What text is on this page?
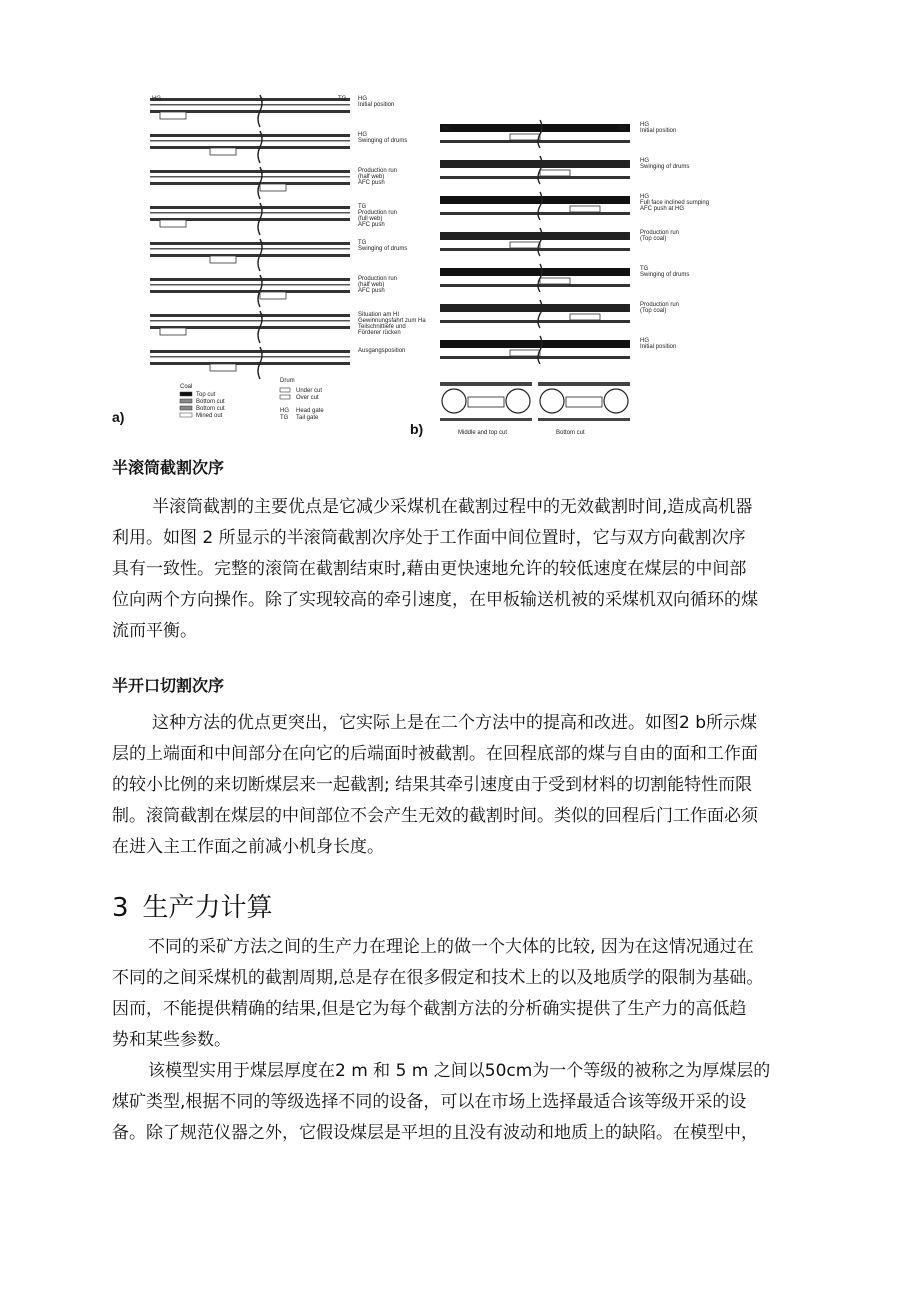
HG
Initial position
HG
Swinging of drums
Production run
(half web)
AFC push
TG
Production run
(full web)
AFC push
TG
Swinging of drums
Production run
(half web)
AFC push
Situation am HI
Gewinnungsfahrt zum Ha
Teilschnittiefe und
Förderer rücken
Ausgangsposition
HG	TG
Coal
Top cut
Bottom cut
Bottom cut
Mined out
Drum
Under cut
Over cut
HG Head gate
TG Tail gate
a)
HG
Initial position
HG
Swinging of drums
HG
Full face inclined sumping
AFC push at HG
Production run
(Top coal)
TG
Swinging of drums
Production run
(Top coal)
HG
Initial position
HG	TG
Middle and top cut	Bottom cut
b)
半滚筒截割次序
半滚筒截割的主要优点是它减少采煤机在截割过程中的无效截割时间,造成高机器
利用。如图 2 所显示的半滚筒截割次序处于工作面中间位置时，它与双方向截割次序
具有一致性。完整的滚筒在截割结束时,藉由更快速地允许的较低速度在煤层的中间部
位向两个方向操作。除了实现较高的牵引速度，在甲板输送机被的采煤机双向循环的煤
流而平衡。
半开口切割次序
这种方法的优点更突出，它实际上是在二个方法中的提高和改进。如图2 b所示煤
层的上端面和中间部分在向它的后端面时被截割。在回程底部的煤与自由的面和工作面
的较小比例的来切断煤层来一起截割; 结果其牵引速度由于受到材料的切割能特性而限
制。滚筒截割在煤层的中间部位不会产生无效的截割时间。类似的回程后门工作面必须
在进入主工作面之前减小机身长度。
3 生产力计算
不同的采矿方法之间的生产力在理论上的做一个大体的比较, 因为在这情况通过在
不同的之间采煤机的截割周期,总是存在很多假定和技术上的以及地质学的限制为基础。
因而，不能提供精确的结果,但是它为每个截割方法的分析确实提供了生产力的高低趋
势和某些参数。
该模型实用于煤层厚度在2 m 和 5 m 之间以50cm为一个等级的被称之为厚煤层的
煤矿类型,根据不同的等级选择不同的设备，可以在市场上选择最适合该等级开采的设
备。除了规范仪器之外，它假设煤层是平坦的且没有波动和地质上的缺陷。在模型中，
